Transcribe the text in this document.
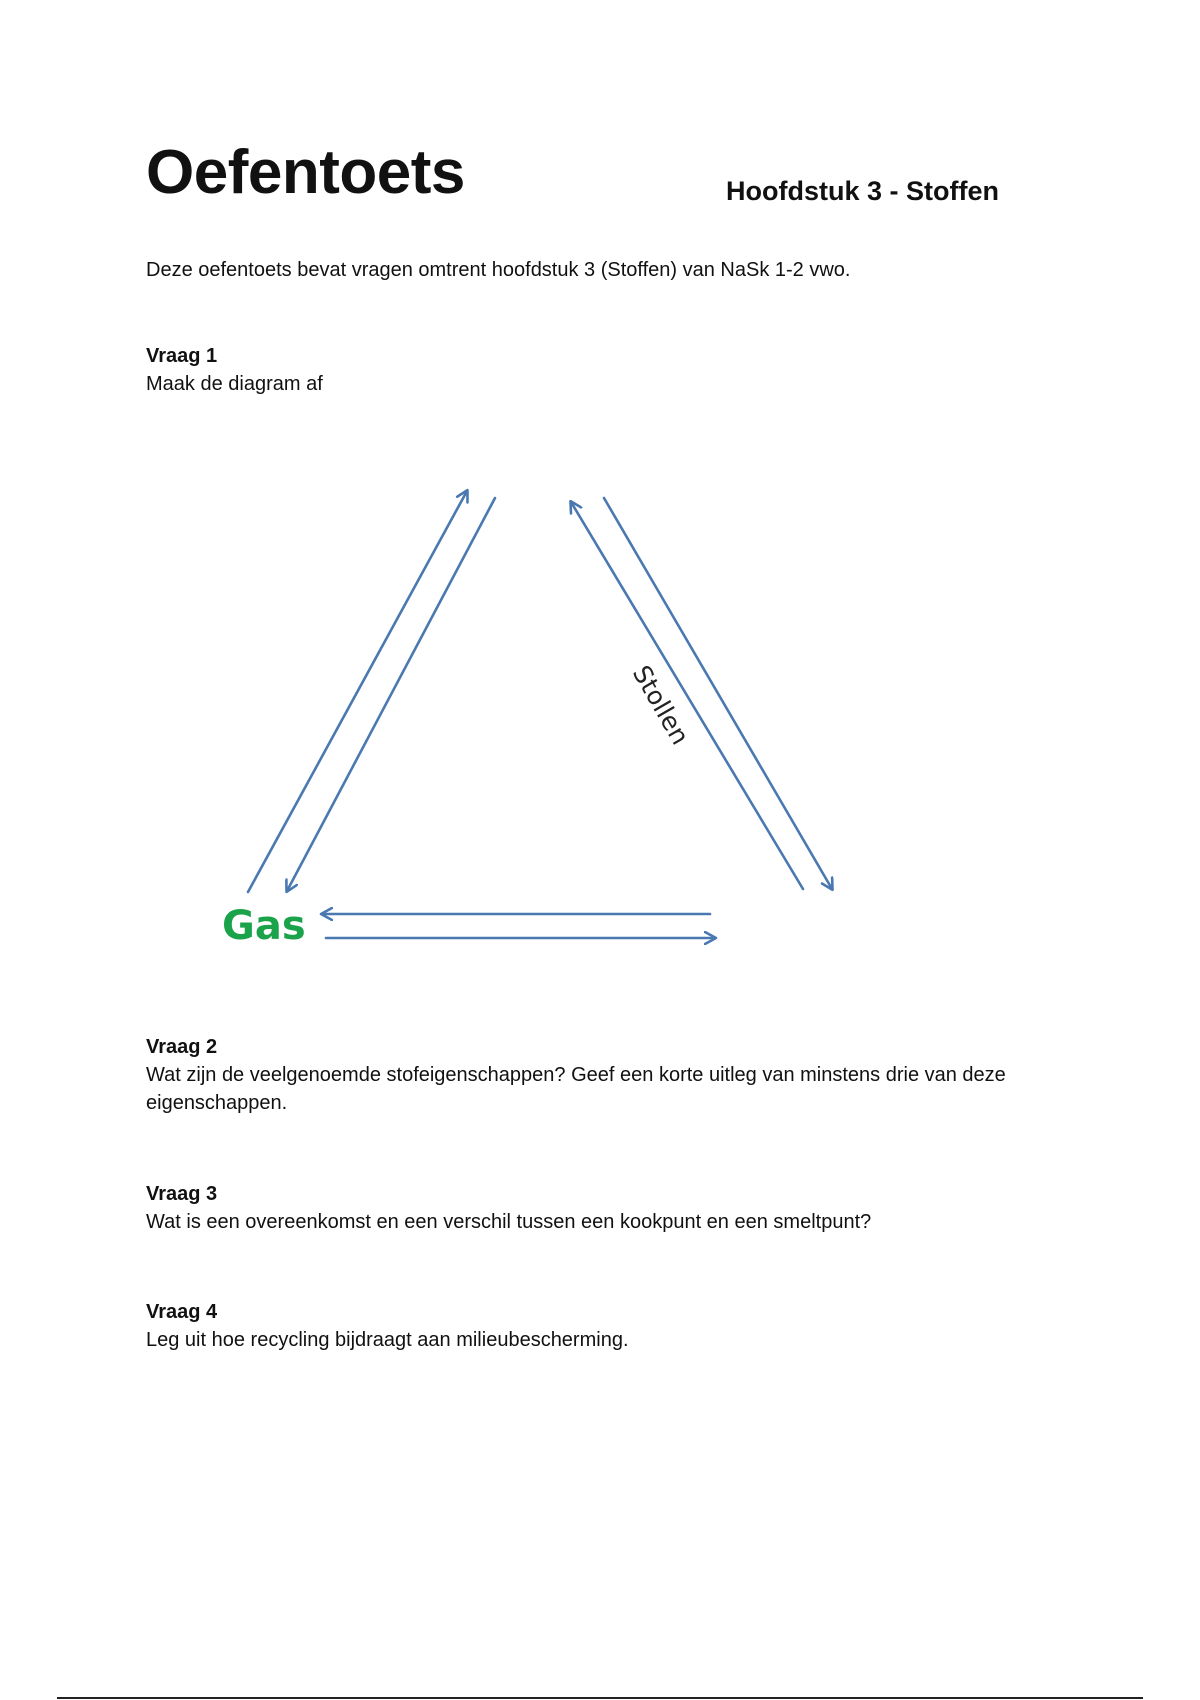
Oefentoets	Hoofdstuk 3 - Stoffen
Deze oefentoets bevat vragen omtrent hoofdstuk 3 (Stoffen) van NaSk 1-2 vwo.
Vraag 1
Maak de diagram af
Stollen
Gas
Vraag 2
Wat zijn de veelgenoemde stofeigenschappen? Geef een korte uitleg van minstens drie van deze eigenschappen.
Vraag 3
Wat is een overeenkomst en een verschil tussen een kookpunt en een smeltpunt?
Vraag 4
Leg uit hoe recycling bijdraagt aan milieubescherming.
